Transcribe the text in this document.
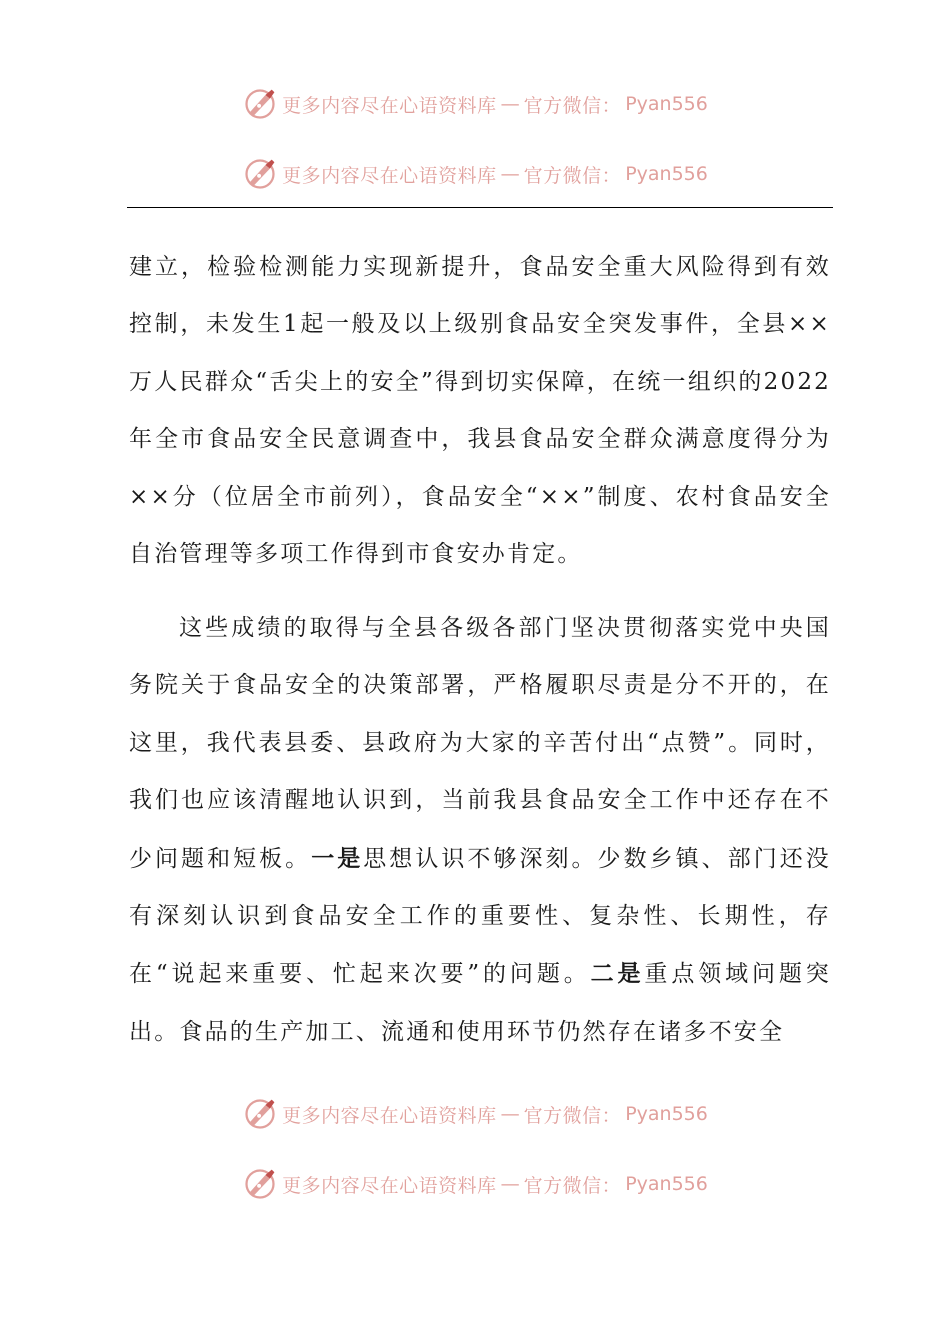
更多内容尽在心语资料库 — 官方微信： Pyan556
更多内容尽在心语资料库 — 官方微信： Pyan556

建立，检验检测能力实现新提升，食品安全重大风险得到有效控制，未发生1起一般及以上级别食品安全突发事件，全县××万人民群众“舌尖上的安全”得到切实保障，在统一组织的2022年全市食品安全民意调查中，我县食品安全群众满意度得分为××分（位居全市前列），食品安全“××”制度、农村食品安全自治管理等多项工作得到市食安办肯定。

这些成绩的取得与全县各级各部门坚决贯彻落实党中央国务院关于食品安全的决策部署，严格履职尽责是分不开的，在这里，我代表县委、县政府为大家的辛苦付出“点赞”。同时，我们也应该清醒地认识到，当前我县食品安全工作中还存在不少问题和短板。一是思想认识不够深刻。少数乡镇、部门还没有深刻认识到食品安全工作的重要性、复杂性、长期性，存在“说起来重要、忙起来次要”的问题。二是重点领域问题突出。食品的生产加工、流通和使用环节仍然存在诸多不安全

更多内容尽在心语资料库 — 官方微信： Pyan556
更多内容尽在心语资料库 — 官方微信： Pyan556
